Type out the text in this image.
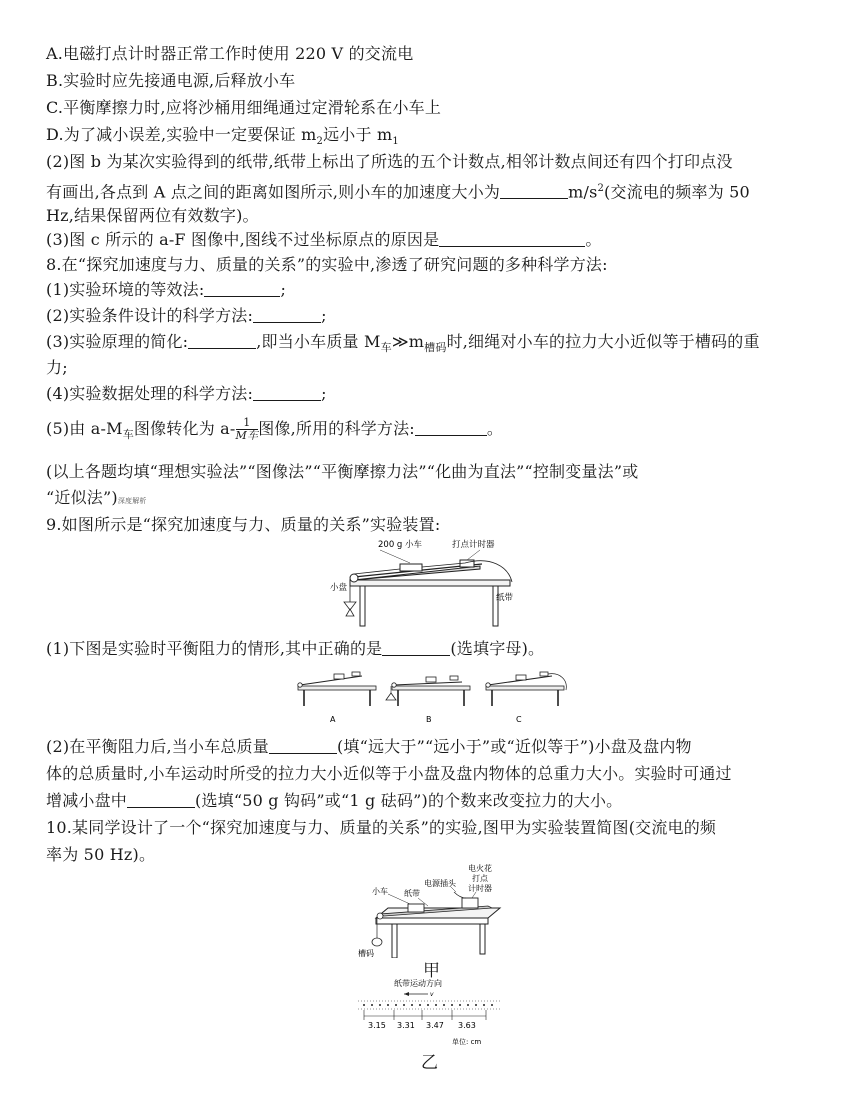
A.电磁打点计时器正常工作时使用 220 V 的交流电
B.实验时应先接通电源,后释放小车
C.平衡摩擦力时,应将沙桶用细绳通过定滑轮系在小车上
D.为了减小误差,实验中一定要保证 $m_2$远小于 $m_1$
(2)图 b 为某次实验得到的纸带,纸带上标出了所选的五个计数点,相邻计数点间还有四个打印点没
有画出,各点到 A 点之间的距离如图所示,则小车的加速度大小为	$m/s^2$(交流电的频率为 50
Hz,结果保留两位有效数字)。
(3)图 c 所示的 a-F 图像中,图线不过坐标原点的原因是	。
8.在“探究加速度与力、质量的关系”的实验中,渗透了研究问题的多种科学方法:
(1)实验环境的等效法:	;
(2)实验条件设计的科学方法:	;
(3)实验原理的简化:	,即当小车质量 $M_车≫m_{槽码}$时,细绳对小车的拉力大小近似等于槽码的重
力;
(4)实验数据处理的科学方法:	;
(5)由 $a-M_车$图像转化为 $a- \frac{1}{\text{M车}}$ 图像,所用的科学方法:	。
(以上各题均填“理想实验法”“图像法”“平衡摩擦力法”“化曲为直法”“控制变量法”或
“近似法”)深度解析
9.如图所示是“探究加速度与力、质量的关系”实验装置:
200 g 小车	打点计时器
小盘
纸带
(1)下图是实验时平衡阻力的情形,其中正确的是	(选填字母)。
A	B	C
(2)在平衡阻力后,当小车总质量	(填“远大于”“远小于”或“近似等于”)小盘及盘内物
体的总质量时,小车运动时所受的拉力大小近似等于小盘及盘内物体的总重力大小。实验时可通过
增减小盘中	(选填“50 g 钩码”或“1 g 砝码”)的个数来改变拉力的大小。
10.某同学设计了一个“探究加速度与力、质量的关系”的实验,图甲为实验装置简图(交流电的频
率为 50 Hz)。
电火花
打点
计时器
电源插头
小车 纸带
槽码
甲
纸带运动方向
v
3.15 3.31 3.47 3.63
单位: cm
乙
